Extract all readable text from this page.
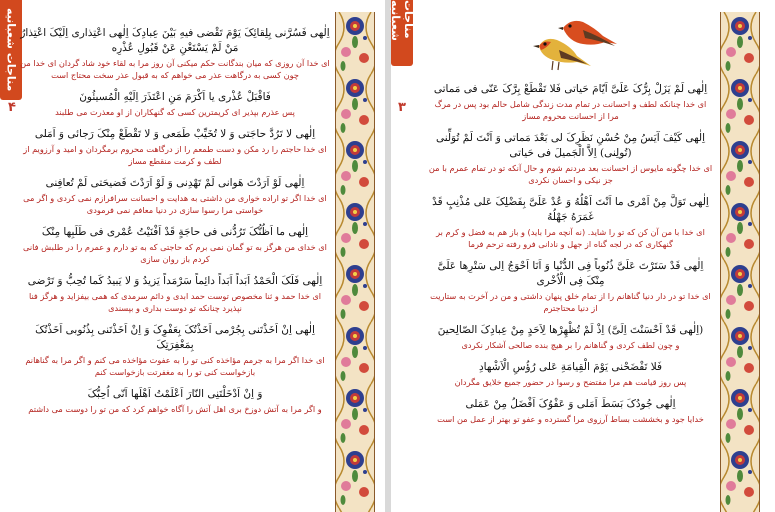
مناجات شعبانیه
۴

اِلٰهی فَسُرَّنی بِلِقائِکَ یَوْمَ تَقْضی فیهِ بَیْنَ عِبادِکَ اِلٰهی اعْتِذاری اِلَیْکَ اعْتِذارُ مَنْ لَمْ یَسْتَغْنِ عَنْ قَبُولِ عُذْرِه

ای خدا آن روزی که میان بندگانت حکم میکنی آن روز مرا به لقاء خود شاد گردان ای خدا من چون کسی به درگاهت عذر می خواهم که به قبول عذر سخت محتاج است

فَاقْبَلْ عُذْری یا اَکْرَمَ مَنِ اعْتَذَرَ اِلَیْهِ الْمُسیئُونَ

پس عذرم بپذیر ای کریمترین کسی که گنهکاران از او معذرت می طلبند

اِلٰهی لا تَرُدَّ حاجَتی وَ لا تُخَیِّبْ طَمَعی وَ لا تَقْطَعْ مِنْکَ رَجائی وَ اَمَلی

ای خدا حاجتم را رد مکن و دست طمعم را از درگاهت محروم برمگردان و امید و آرزویم از لطف و کرمت منقطع مساز

اِلٰهی لَوْ اَرَدْتَ هَوانی لَمْ تَهْدِنی وَ لَوْ اَرَدْتَ فَضیحَتی لَمْ تُعافِنی

ای خدا اگر تو اراده خواری من داشتی به هدایت و احسانت سرافرازم نمی کردی و اگر می خواستی مرا رسوا سازی در دنیا معافم نمی فرمودی

اِلٰهی ما اَظُنُّکَ تَرُدُّنی فی حاجَةٍ قَدْ اَفْنَیْتُ عُمْری فی طَلَبِها مِنْکَ

ای خدای من هرگز به تو گمان نمی برم که حاجتی که به تو دارم و عمرم را در طلبش فانی کردم باز روان سازی

اِلٰهی فَلَکَ الْحَمْدُ اَبَداً اَبَداً دائِماً سَرْمَداً یَزیدُ وَ لا یَبیدُ کَما تُحِبُّ وَ تَرْضی

ای خدا حمد و ثنا مخصوص توست حمد ابدی و دائم سرمدی که همی بیفزاید و هرگز فنا نپذیرد چنانکه تو دوست بداری و بپسندی

اِلٰهی اِنْ اَخَذْتَنی بِجُرْمی اَخَذْتُکَ بِعَفْوِکَ وَ اِنْ اَخَذْتَنی بِذُنُوبی اَخَذْتُکَ بِمَغْفِرَتِکَ

ای خدا اگر مرا به جرمم مؤاخذه کنی تو را به عفوت مؤاخذه می کنم و اگر مرا به گناهانم بازخواست کنی تو را به مغفرتت بازخواست کنم

وَ اِنْ اَدْخَلْتَنِی النّارَ اَعْلَمْتُ اَهْلَها اَنّی اُحِبُّکَ

و اگر مرا به آتش دوزخ بری اهل آتش را آگاه خواهم کرد که من تو را دوست می داشتم

مناجات شعبانیه
۳

اِلٰهی لَمْ یَزَلْ بِرُّکَ عَلَیَّ اَیّامَ حَیاتی فَلا تَقْطَعْ بِرَّکَ عَنّی فی مَماتی

ای خدا چنانکه لطف و احسانت در تمام مدت زندگی شامل حالم بود پس در مرگ مرا از احسانت محروم مساز

اِلٰهی کَیْفَ آیَسُ مِنْ حُسْنِ نَظَرِکَ لی بَعْدَ مَماتی وَ اَنْتَ لَمْ تُوَلِّنی (تُولِنی) اِلاَّ الْجَمیلَ فی حَیاتی

ای خدا چگونه مایوس از احسانت بعد مردنم شوم و حال آنکه تو در تمام عمرم با من جز نیکی و احسان نکردی

اِلٰهی تَوَلَّ مِنْ اَمْری ما اَنْتَ اَهْلُهُ وَ عُدْ عَلَیَّ بِفَضْلِکَ عَلی مُذْنِبٍ قَدْ غَمَرَهُ جَهْلُهُ

ای خدا با من آن کن که تو را شاید. (نه آنچه مرا باید) و باز هم به فضل و کرم بر گنهکاری که در لجه گناه از جهل و نادانی فرو رفته ترحم فرما

اِلٰهی قَدْ سَتَرْتَ عَلَیَّ ذُنُوباً فِی الدُّنْیا وَ اَنَا اَحْوَجُ اِلی سَتْرِها عَلَیَّ مِنْکَ فِی الْاُخْری

ای خدا تو در دار دنیا گناهانم را از تمام خلق پنهان داشتی و من در آخرت به ستاریت از دنیا محتاجترم

(اِلٰهی قَدْ اَحْسَنْتَ اِلَیَّ) اِذْ لَمْ تُظْهِرْها لِاَحَدٍ مِنْ عِبادِکَ الصّالِحینَ

و چون لطف کردی و گناهانم را بر هیچ بنده صالحی آشکار نکردی

فَلا تَفْضَحْنی یَوْمَ الْقِیامَةِ عَلی رُؤُسِ الْاَشْهادِ

پس روز قیامت هم مرا مفتضح و رسوا در حضور جمیع خلایق مگردان

اِلٰهی جُودُکَ بَسَطَ اَمَلی وَ عَفْوُکَ اَفْضَلُ مِنْ عَمَلی

خدایا جود و بخششت بساط آرزوی مرا گسترده و عفو تو بهتر از عمل من است
